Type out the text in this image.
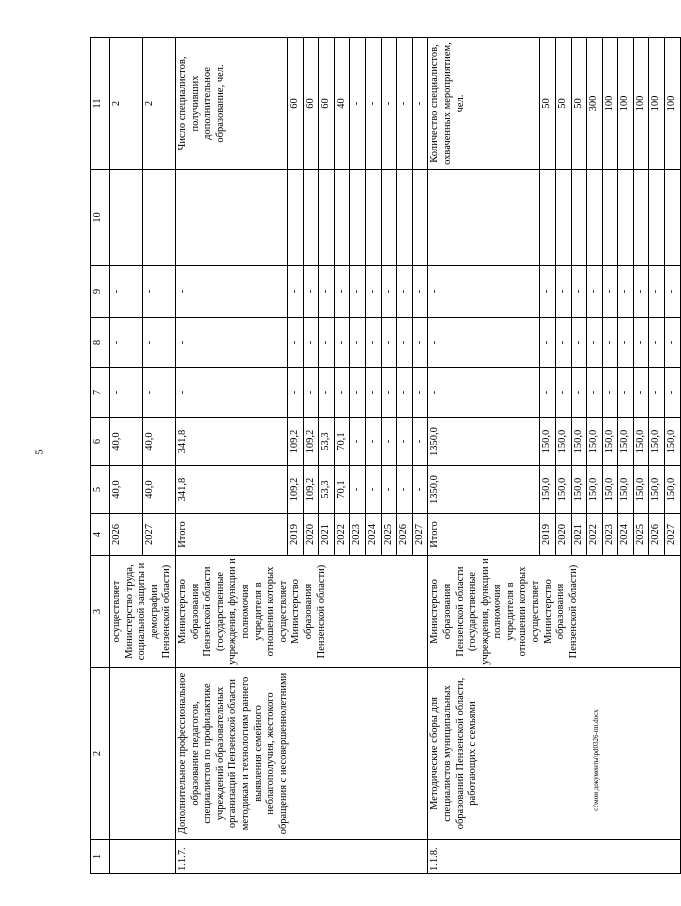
5
1	2	3	4	5	6	7	8	9	10	11	
		осуществляет Министерство труда, социальной защиты и демографии Пензенской области)	2026	40,0	40,0	-	-	-		2	
			2027	40,0	40,0	-	-	-		2	
1.1.7.	Дополнительное профессиональное образование педагогов, специалистов по профилактике учреждений образовательных организаций Пензенской области методикам и технологиям раннего выявления семейного неблагополучия, жестокого обращения с несовершеннолетними	Министерство образования Пензенской области (государственные учреждения, функции и полномочия учредителя в отношении которых осуществляет Министерство образования Пензенской области)	Итого	341,8	341,8	-	-	-		Число специалистов, получивших дополнительное образование, чел.	
			2019	109,2	109,2	-	-	-		60	
			2020	109,2	109,2	-	-	-		60	
			2021	53,3	53,3	-	-	-		60	
			2022	70,1	70,1	-	-	-		40	
			2023	-	-	-	-	-		-	
			2024	-	-	-	-	-		-	
			2025	-	-	-	-	-		-	
			2026	-	-	-	-	-		-	
			2027	-	-	-	-	-		-	
1.1.8.	Методические сборы для специалистов муниципальных образований Пензенской области, работающих с семьями	Министерство образования Пензенской области (государственные учреждения, функции и полномочия учредителя в отношении которых осуществляет Министерство образования Пензенской области)	Итого	1350,0	1350,0	-	-	-		Количество специалистов, охваченных мероприятием, чел.	
			2019	150,0	150,0	-	-	-		50	
			2020	150,0	150,0	-	-	-		50	
			2021	150,0	150,0	-	-	-		50	
			2022	150,0	150,0	-	-	-		300	
			2023	150,0	150,0	-	-	-		100	
			2024	150,0	150,0	-	-	-		100	
			2025	150,0	150,0	-	-	-		100	
			2026	150,0	150,0	-	-	-		100	
			2027	150,0	150,0	-	-	-		100	
c:\мои документы\pd0326-пп.docx
